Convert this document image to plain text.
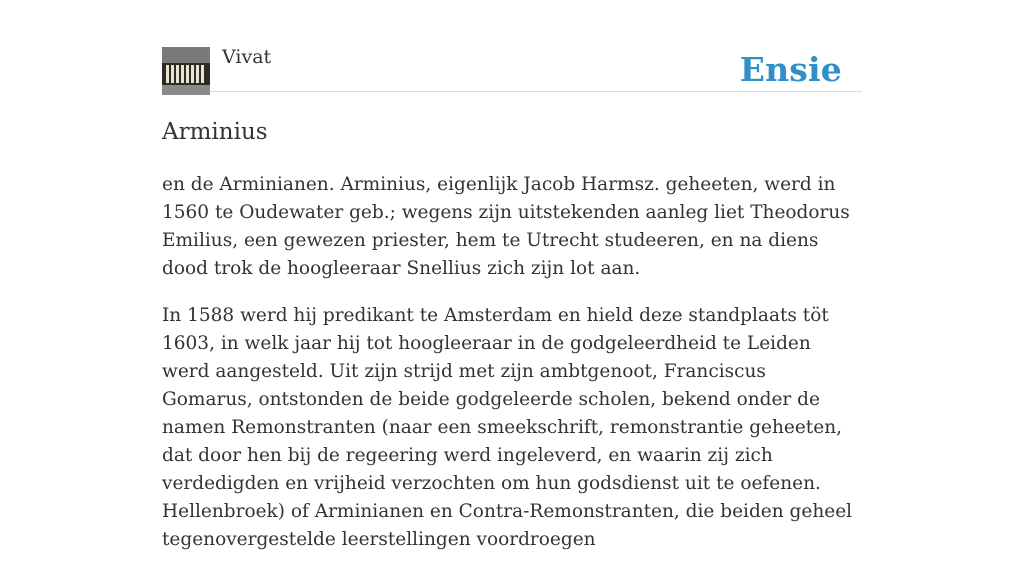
Vivat	Ensie
Arminius

en de Arminianen. Arminius, eigenlijk Jacob Harmsz. geheeten, werd in 1560 te Oudewater geb.; wegens zijn uitstekenden aanleg liet Theodorus Emilius, een gewezen priester, hem te Utrecht studeeren, en na diens dood trok de hoogleeraar Snellius zich zijn lot aan.

In 1588 werd hij predikant te Amsterdam en hield deze standplaats töt 1603, in welk jaar hij tot hoogleeraar in de godgeleerdheid te Leiden werd aangesteld. Uit zijn strijd met zijn ambtgenoot, Franciscus Gomarus, ontstonden de beide godgeleerde scholen, bekend onder de namen Remonstranten (naar een smeekschrift, remonstrantie geheeten, dat door hen bij de regeering werd ingeleverd, en waarin zij zich verdedigden en vrijheid verzochten om hun godsdienst uit te oefenen. Hellenbroek) of Arminianen en Contra-Remonstranten, die beiden geheel tegenovergestelde leerstellingen voordroegen
